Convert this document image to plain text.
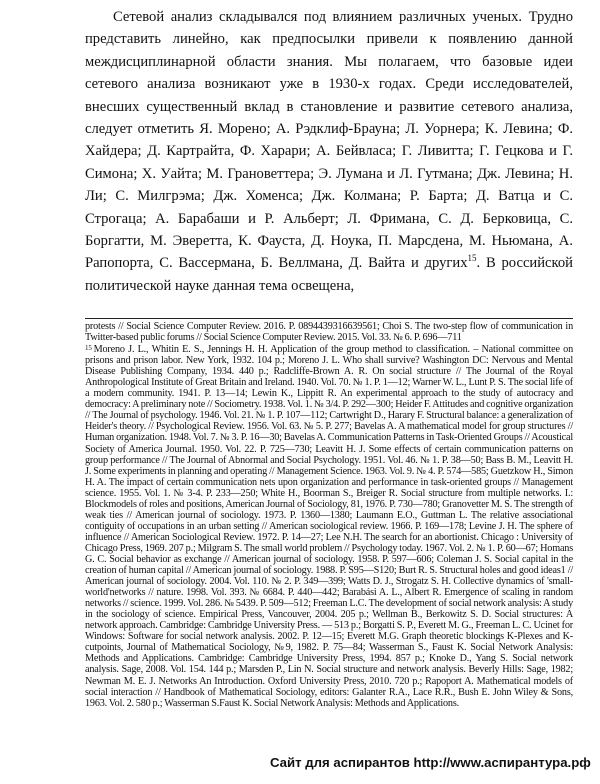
Сетевой анализ складывался под влиянием различных ученых. Трудно представить линейно, как предпосылки привели к появлению данной междисциплинарной области знания. Мы полагаем, что базовые идеи сетевого анализа возникают уже в 1930-х годах. Среди исследователей, внесших существенный вклад в становление и развитие сетевого анализа, следует отметить Я. Морено; А. Рэдклиф-Брауна; Л. Уорнера; К. Левина; Ф. Хайдера; Д. Картрайта, Ф. Харари; А. Бейвласа; Г. Ливитта; Г. Гецкова и Г. Симона; Х. Уайта; М. Грановеттера; Э. Лумана и Л. Гутмана; Дж. Левина; Н. Ли; С. Милгрэма; Дж. Хоменса; Дж. Колмана; Р. Барта; Д. Ватца и С. Строгаца; А. Барабаши и Р. Альберт; Л. Фримана, С. Д. Берковица, С. Боргатти, М. Эверетта, К. Фауста, Д. Ноука, П. Марсдена, М. Ньюмана, А. Рапопорта, С. Вассермана, Б. Веллмана, Д. Вайта и других$^{15}$. В российской политической науке данная тема освещена,

protests // Social Science Computer Review. 2016. P. 0894439316639561; Choi S. The two-step flow of communication in Twitter-based public forums // Social Science Computer Review. 2015. Vol. 33. № 6. P. 696—711

$^{15}$ Moreno J. L., Whitin E. S., Jennings H. H. Application of the group method to classification. – National committee on prisons and prison labor. New York, 1932. 104 p.; Moreno J. L. Who shall survive? Washington DC: Nervous and Mental Disease Publishing Company, 1934. 440 p.; Radcliffe-Brown A. R. On social structure // The Journal of the Royal Anthropological Institute of Great Britain and Ireland. 1940. Vol. 70. № 1. P. 1—12; Warner W. L., Lunt P. S. The social life of a modern community. 1941. P. 13—14; Lewin K., Lippitt R. An experimental approach to the study of autocracy and democracy: A preliminary note // Sociometry. 1938. Vol. 1. № 3/4. P. 292—300; Heider F. Attitudes and cognitive organization // The Journal of psychology. 1946. Vol. 21. № 1. P. 107—112; Cartwright D., Harary F. Structural balance: a generalization of Heider's theory. // Psychological Review. 1956. Vol. 63. № 5. P. 277; Bavelas A. A mathematical model for group structures // Human organization. 1948. Vol. 7. № 3. P. 16—30; Bavelas A. Communication Patterns in Task-Oriented Groups // Acoustical Society of America Journal. 1950. Vol. 22. P. 725—730; Leavitt H. J. Some effects of certain communication patterns on group performance // The Journal of Abnormal and Social Psychology. 1951. Vol. 46. № 1. P. 38—50; Bass B. M., Leavitt H. J. Some experiments in planning and operating // Management Science. 1963. Vol. 9. № 4. P. 574—585; Guetzkow H., Simon H. A. The impact of certain communication nets upon organization and performance in task-oriented groups // Management science. 1955. Vol. 1. № 3-4. P. 233—250; White H., Boorman S., Breiger R. Social structure from multiple networks. I.: Blockmodels of roles and positions, American Journal of Sociology, 81, 1976. P. 730—780; Granovetter M. S. The strength of weak ties // American journal of sociology. 1973. P. 1360—1380; Laumann E.O., Guttman L. The relative associational contiguity of occupations in an urban setting // American sociological review. 1966. P. 169—178; Levine J. H. The sphere of influence // American Sociological Review. 1972. P. 14—27; Lee N.H. The search for an abortionist. Chicago : University of Chicago Press, 1969. 207 p.; Milgram S. The small world problem // Psychology today. 1967. Vol. 2. № 1. P. 60—67; Homans G. C. Social behavior as exchange // American journal of sociology. 1958. P. 597—606; Coleman J. S. Social capital in the creation of human capital // American journal of sociology. 1988. P. S95—S120; Burt R. S. Structural holes and good ideas1 // American journal of sociology. 2004. Vol. 110. № 2. P. 349—399; Watts D. J., Strogatz S. H. Collective dynamics of 'small-world'networks // nature. 1998. Vol. 393. № 6684. P. 440—442; Barabási A. L., Albert R. Emergence of scaling in random networks // science. 1999. Vol. 286. № 5439. P. 509—512; Freeman L.C. The development of social network analysis: A study in the sociology of science. Empirical Press, Vancouver, 2004. 205 p.; Wellman B., Berkowitz S. D. Social structures: A network approach. Cambridge: Cambridge University Press. — 513 p.; Borgatti S. P., Everett M. G., Freeman L. C. Ucinet for Windows: Software for social network analysis. 2002. P. 12—15; Everett M.G. Graph theoretic blockings K-Plexes and K-cutpoints, Journal of Mathematical Sociology, №9, 1982. P. 75—84; Wasserman S., Faust K. Social Network Analysis: Methods and Applications. Cambridge: Cambridge University Press, 1994. 857 p.; Knoke D., Yang S. Social network analysis. Sage, 2008. Vol. 154. 144 p.; Marsden P., Lin N. Social structure and network analysis. Beverly Hills: Sage, 1982; Newman M. E. J. Networks An Introduction. Oxford University Press, 2010. 720 p.; Rapoport A. Mathematical models of social interaction // Handbook of Mathematical Sociology, editors: Galanter R.A., Lace R.R., Bush E. John Wiley & Sons, 1963. Vol. 2. 580 p.; Wasserman S.Faust K. Social Network Analysis: Methods and Applications.

Сайт для аспирантов http://www.аспирантура.рф
